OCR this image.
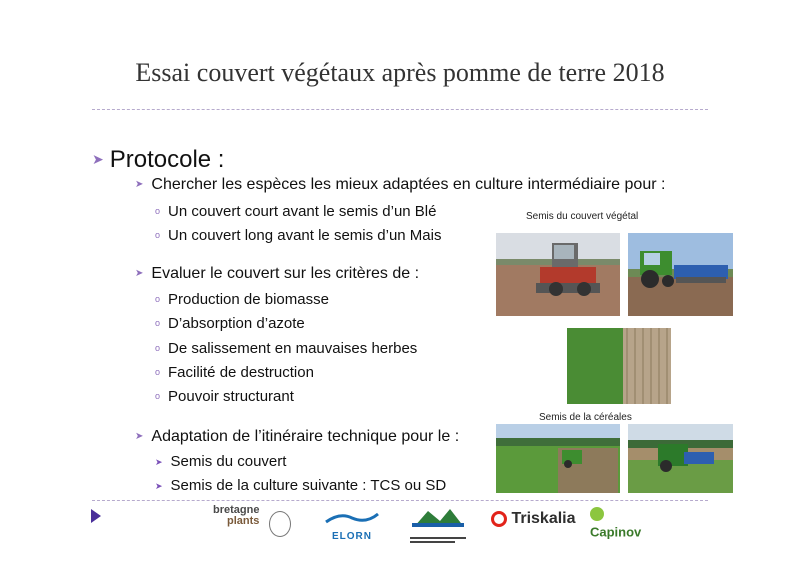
Essai couvert végétaux après pomme de terre 2018
➤ Protocole :
➤ Chercher les espèces les mieux adaptées en culture intermédiaire pour :
o Un couvert court avant le semis d’un Blé
o Un couvert long avant le semis d’un Mais
➤ Evaluer le couvert sur les critères de :
o Production de biomasse
o D’absorption d’azote
o De salissement en mauvaises herbes
o Facilité de destruction
o Pouvoir structurant
➤ Adaptation de l’itinéraire technique pour le :
➤ Semis du couvert
➤ Semis de la culture suivante : TCS ou SD
Semis du couvert végétal
Semis de la céréales
bretagne
plants
ELORN
Triskalia
Capinov
